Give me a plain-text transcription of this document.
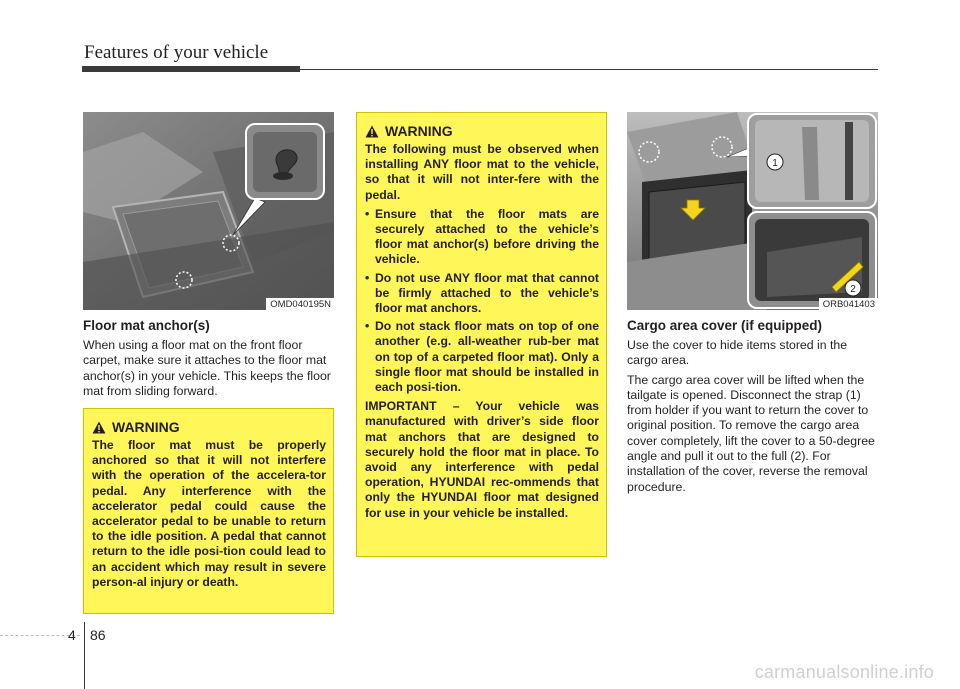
Features of your vehicle
OMD040195N
Floor mat anchor(s)

When using a floor mat on the front floor carpet, make sure it attaches to the floor mat anchor(s) in your vehicle. This keeps the floor mat from sliding forward.

WARNING

The floor mat must be properly anchored so that it will not interfere with the operation of the accelera-tor pedal. Any interference with the accelerator pedal could cause the accelerator pedal to be unable to return to the idle position. A pedal that cannot return to the idle posi-tion could lead to an accident which may result in severe person-al injury or death.

WARNING

The following must be observed when installing ANY floor mat to the vehicle, so that it will not inter-fere with the pedal.

• Ensure that the floor mats are securely attached to the vehicle’s floor mat anchor(s) before driving the vehicle.
• Do not use ANY floor mat that cannot be firmly attached to the vehicle’s floor mat anchors.
• Do not stack floor mats on top of one another (e.g. all-weather rub-ber mat on top of a carpeted floor mat). Only a single floor mat should be installed in each posi-tion.

IMPORTANT – Your vehicle was manufactured with driver’s side floor mat anchors that are designed to securely hold the floor mat in place. To avoid any interference with pedal operation, HYUNDAI rec-ommends that only the HYUNDAI floor mat designed for use in your vehicle be installed.

1
2
ORB041403
Cargo area cover (if equipped)

Use the cover to hide items stored in the cargo area.

The cargo area cover will be lifted when the tailgate is opened. Disconnect the strap (1) from holder if you want to return the cover to original position. To remove the cargo area cover completely, lift the cover to a 50-degree angle and pull it out to the full (2). For installation of the cover, reverse the removal procedure.

4 86
carmanualsonline.info
